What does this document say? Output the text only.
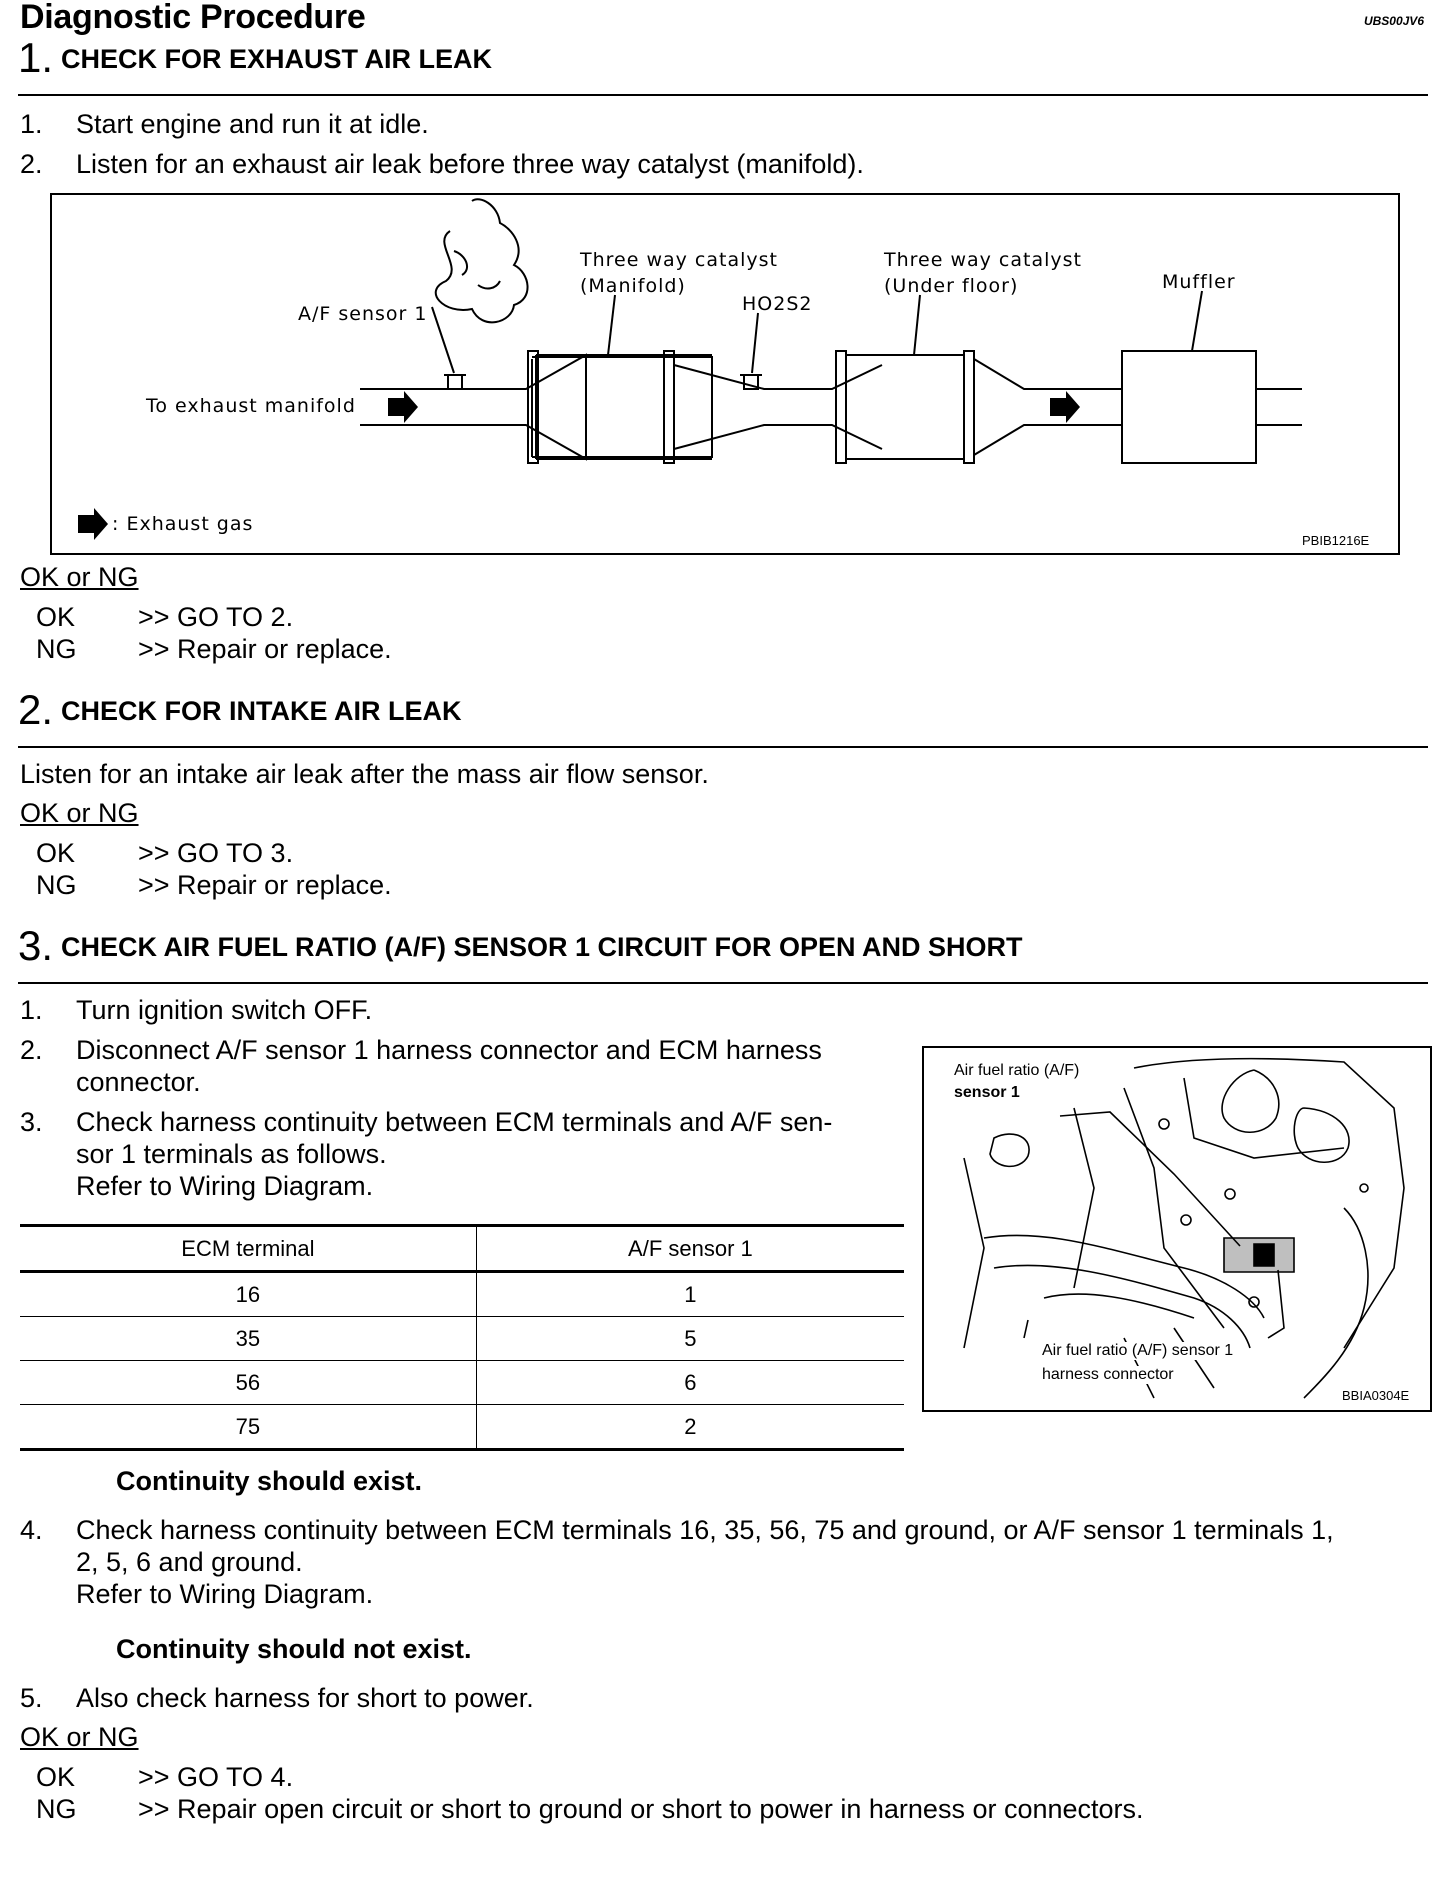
Diagnostic Procedure	UBS00JV6
1. CHECK FOR EXHAUST AIR LEAK
1. Start engine and run it at idle.
2. Listen for an exhaust air leak before three way catalyst (manifold).
Three way catalyst
(Manifold)
Three way catalyst
(Under floor)	Muffler
A/F sensor 1	HO2S2
To exhaust manifold
: Exhaust gas
PBIB1216E
OK or NG
OK >> GO TO 2.
NG >> Repair or replace.
2. CHECK FOR INTAKE AIR LEAK
Listen for an intake air leak after the mass air flow sensor.
OK or NG
OK >> GO TO 3.
NG >> Repair or replace.
3. CHECK AIR FUEL RATIO (A/F) SENSOR 1 CIRCUIT FOR OPEN AND SHORT
1. Turn ignition switch OFF.
2. Disconnect A/F sensor 1 harness connector and ECM harness
connector.
3. Check harness continuity between ECM terminals and A/F sen-
sor 1 terminals as follows.
Refer to Wiring Diagram.
Air fuel ratio (A/F)
sensor 1
Air fuel ratio (A/F) sensor 1
harness connector
BBIA0304E
ECM terminal	A/F sensor 1
16	1
35	5
56	6
75	2
Continuity should exist.
4. Check harness continuity between ECM terminals 16, 35, 56, 75 and ground, or A/F sensor 1 terminals 1,
2, 5, 6 and ground.
Refer to Wiring Diagram.
Continuity should not exist.
5. Also check harness for short to power.
OK or NG
OK >> GO TO 4.
NG >> Repair open circuit or short to ground or short to power in harness or connectors.
